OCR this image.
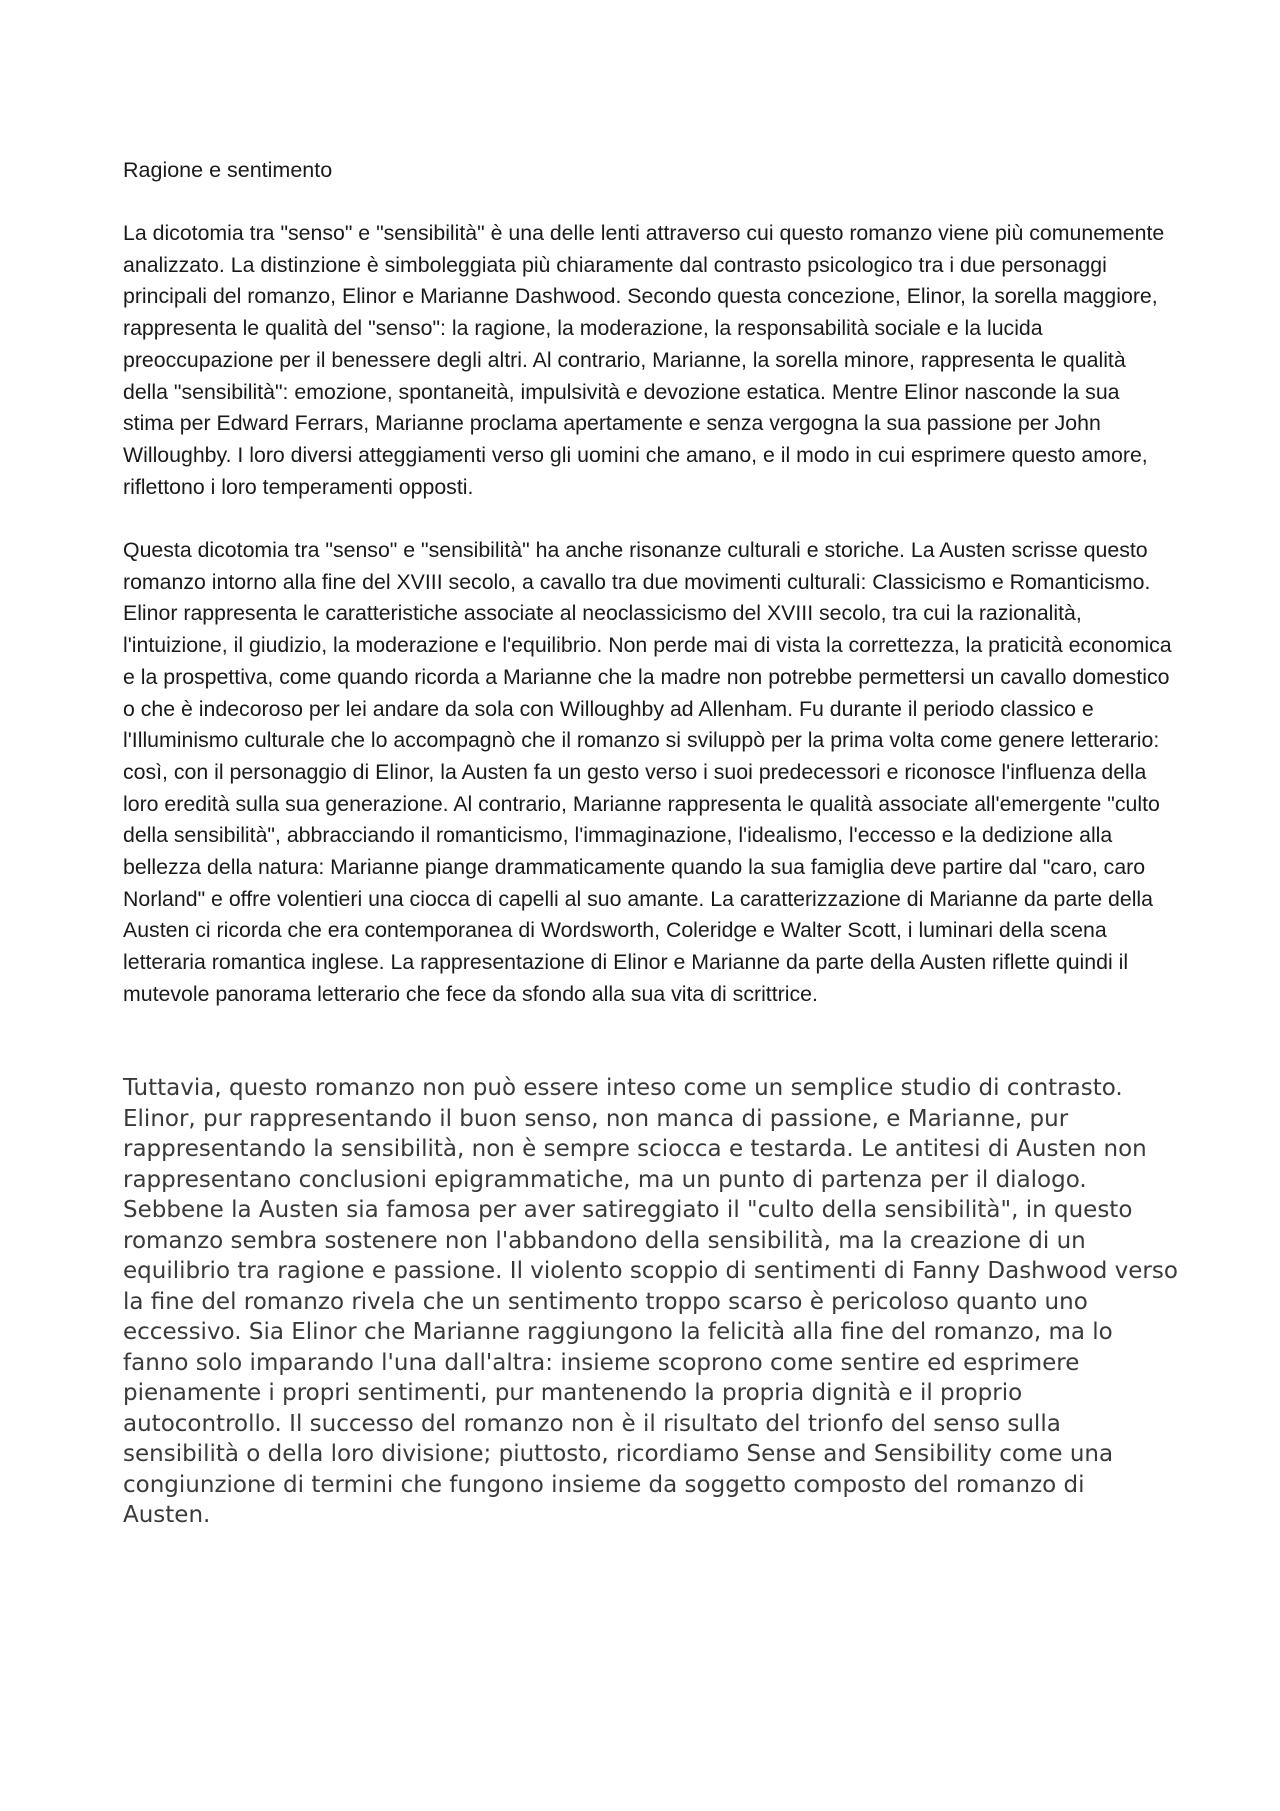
Ragione e sentimento

La dicotomia tra "senso" e "sensibilità" è una delle lenti attraverso cui questo romanzo viene più comunemente analizzato. La distinzione è simboleggiata più chiaramente dal contrasto psicologico tra i due personaggi principali del romanzo, Elinor e Marianne Dashwood. Secondo questa concezione, Elinor, la sorella maggiore, rappresenta le qualità del "senso": la ragione, la moderazione, la responsabilità sociale e la lucida preoccupazione per il benessere degli altri. Al contrario, Marianne, la sorella minore, rappresenta le qualità della "sensibilità": emozione, spontaneità, impulsività e devozione estatica. Mentre Elinor nasconde la sua stima per Edward Ferrars, Marianne proclama apertamente e senza vergogna la sua passione per John Willoughby. I loro diversi atteggiamenti verso gli uomini che amano, e il modo in cui esprimere questo amore, riflettono i loro temperamenti opposti.

Questa dicotomia tra "senso" e "sensibilità" ha anche risonanze culturali e storiche. La Austen scrisse questo romanzo intorno alla fine del XVIII secolo, a cavallo tra due movimenti culturali: Classicismo e Romanticismo. Elinor rappresenta le caratteristiche associate al neoclassicismo del XVIII secolo, tra cui la razionalità, l'intuizione, il giudizio, la moderazione e l'equilibrio. Non perde mai di vista la correttezza, la praticità economica e la prospettiva, come quando ricorda a Marianne che la madre non potrebbe permettersi un cavallo domestico o che è indecoroso per lei andare da sola con Willoughby ad Allenham. Fu durante il periodo classico e l'Illuminismo culturale che lo accompagnò che il romanzo si sviluppò per la prima volta come genere letterario: così, con il personaggio di Elinor, la Austen fa un gesto verso i suoi predecessori e riconosce l'influenza della loro eredità sulla sua generazione. Al contrario, Marianne rappresenta le qualità associate all'emergente "culto della sensibilità", abbracciando il romanticismo, l'immaginazione, l'idealismo, l'eccesso e la dedizione alla bellezza della natura: Marianne piange drammaticamente quando la sua famiglia deve partire dal "caro, caro Norland" e offre volentieri una ciocca di capelli al suo amante. La caratterizzazione di Marianne da parte della Austen ci ricorda che era contemporanea di Wordsworth, Coleridge e Walter Scott, i luminari della scena letteraria romantica inglese. La rappresentazione di Elinor e Marianne da parte della Austen riflette quindi il mutevole panorama letterario che fece da sfondo alla sua vita di scrittrice.

Tuttavia, questo romanzo non può essere inteso come un semplice studio di contrasto. Elinor, pur rappresentando il buon senso, non manca di passione, e Marianne, pur rappresentando la sensibilità, non è sempre sciocca e testarda. Le antitesi di Austen non rappresentano conclusioni epigrammatiche, ma un punto di partenza per il dialogo. Sebbene la Austen sia famosa per aver satireggiato il "culto della sensibilità", in questo romanzo sembra sostenere non l'abbandono della sensibilità, ma la creazione di un equilibrio tra ragione e passione. Il violento scoppio di sentimenti di Fanny Dashwood verso la fine del romanzo rivela che un sentimento troppo scarso è pericoloso quanto uno eccessivo. Sia Elinor che Marianne raggiungono la felicità alla fine del romanzo, ma lo fanno solo imparando l'una dall'altra: insieme scoprono come sentire ed esprimere pienamente i propri sentimenti, pur mantenendo la propria dignità e il proprio autocontrollo. Il successo del romanzo non è il risultato del trionfo del senso sulla sensibilità o della loro divisione; piuttosto, ricordiamo Sense and Sensibility come una congiunzione di termini che fungono insieme da soggetto composto del romanzo di Austen.
